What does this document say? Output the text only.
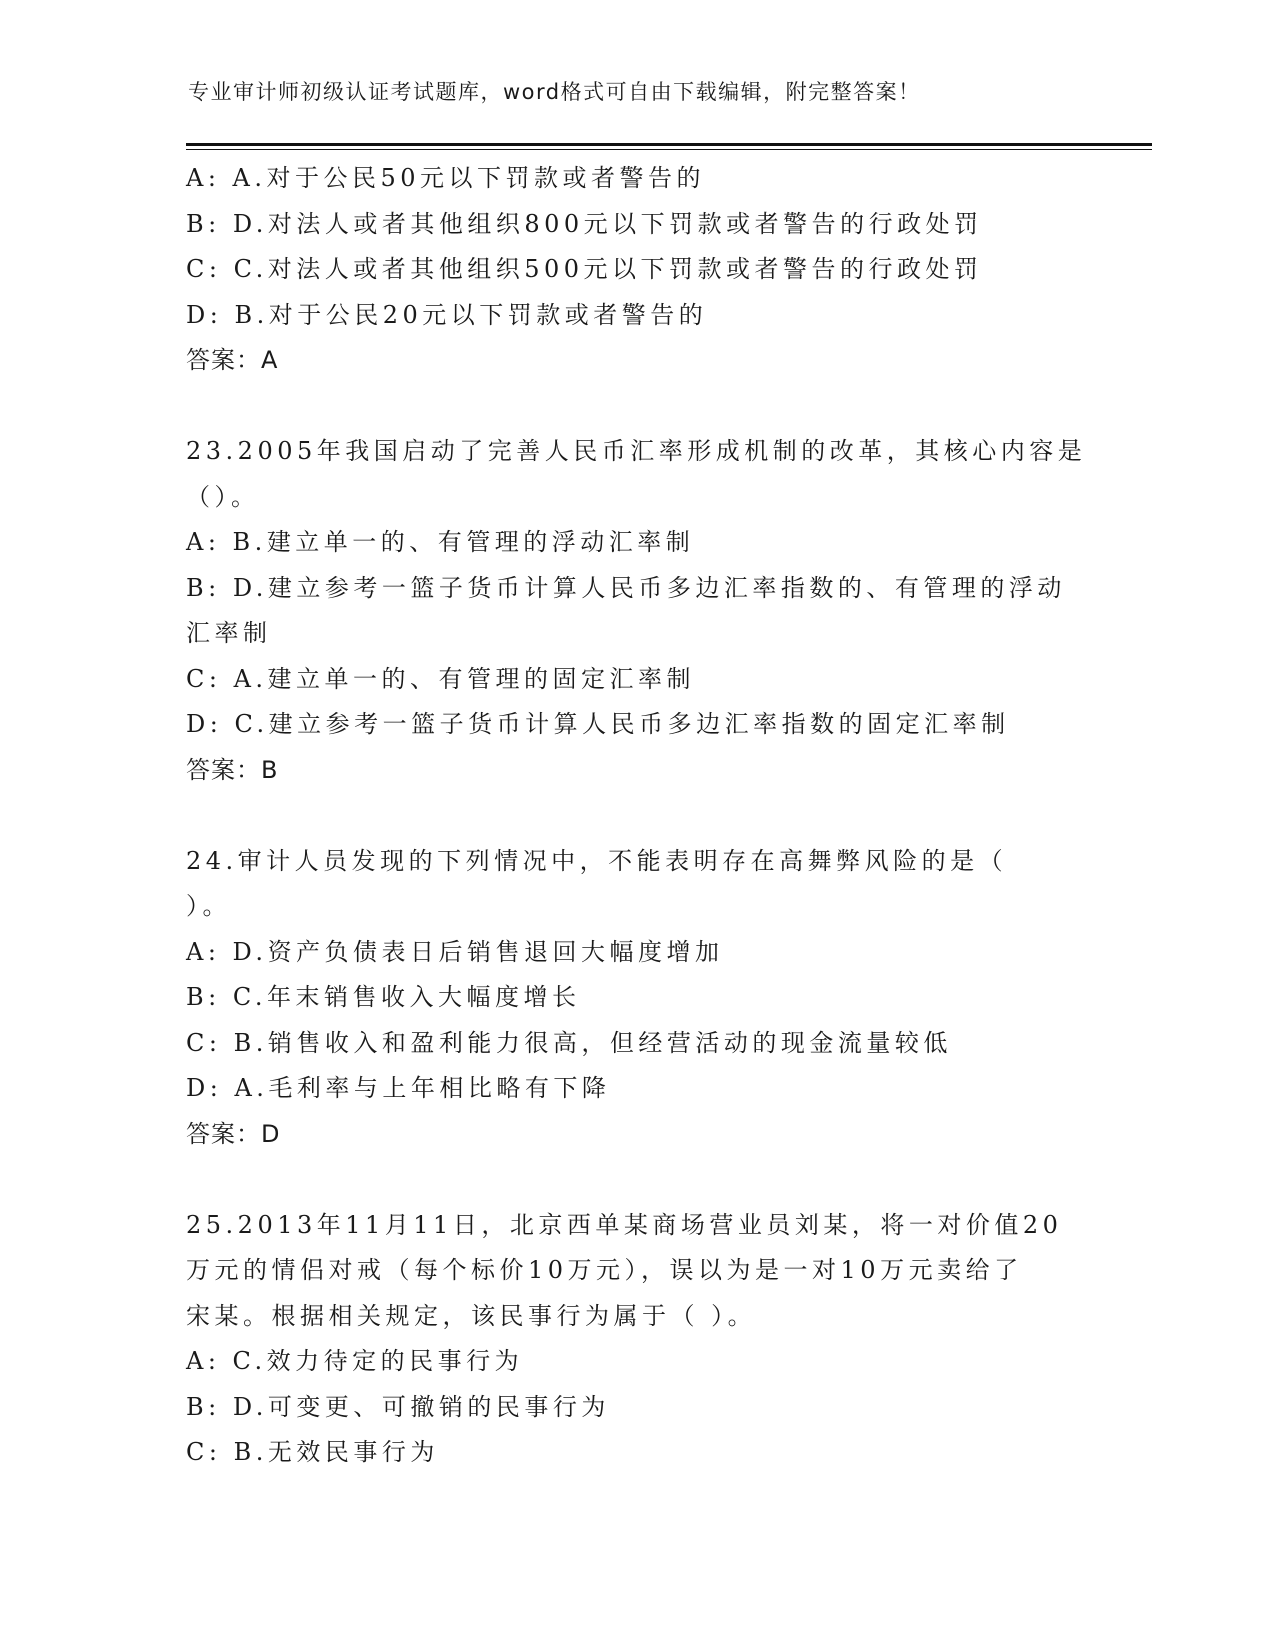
专业审计师初级认证考试题库，word格式可自由下载编辑，附完整答案！
A: A.对于公民50元以下罚款或者警告的
B: D.对法人或者其他组织800元以下罚款或者警告的行政处罚
C: C.对法人或者其他组织500元以下罚款或者警告的行政处罚
D: B.对于公民20元以下罚款或者警告的
答案：A
23.2005年我国启动了完善人民币汇率形成机制的改革，其核心内容是
（）。
A: B.建立单一的、有管理的浮动汇率制
B: D.建立参考一篮子货币计算人民币多边汇率指数的、有管理的浮动
汇率制
C: A.建立单一的、有管理的固定汇率制
D: C.建立参考一篮子货币计算人民币多边汇率指数的固定汇率制
答案：B
24.审计人员发现的下列情况中，不能表明存在高舞弊风险的是（
）。
A: D.资产负债表日后销售退回大幅度增加
B: C.年末销售收入大幅度增长
C: B.销售收入和盈利能力很高，但经营活动的现金流量较低
D: A.毛利率与上年相比略有下降
答案：D
25.2013年11月11日，北京西单某商场营业员刘某，将一对价值20
万元的情侣对戒（每个标价10万元），误以为是一对10万元卖给了
宋某。根据相关规定，该民事行为属于（ ）。
A: C.效力待定的民事行为
B: D.可变更、可撤销的民事行为
C: B.无效民事行为
